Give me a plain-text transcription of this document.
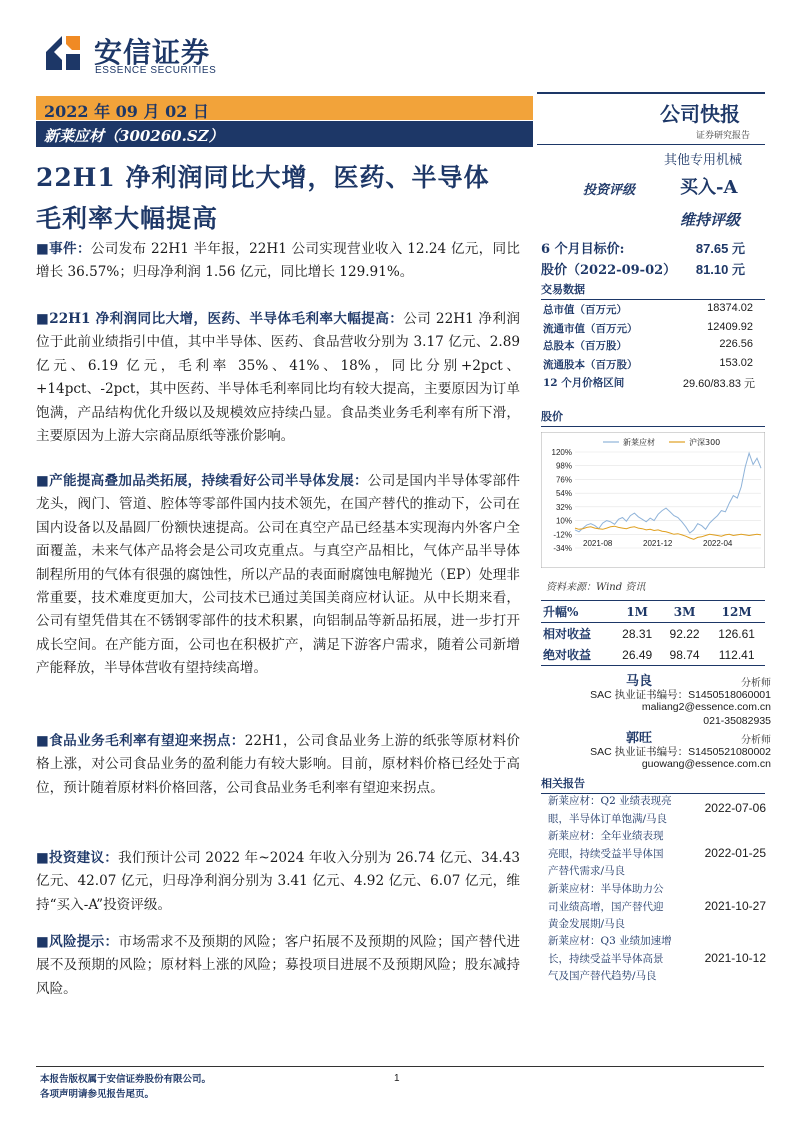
安信证券
ESSENCE SECURITIES
2022 年 09 月 02 日
新莱应材（300260.SZ）
公司快报
证券研究报告
其他专用机械
22H1 净利润同比大增，医药、半导体
毛利率大幅提高

■事件：公司发布 22H1 半年报，22H1 公司实现营业收入 12.24 亿元，同比增长 36.57%；归母净利润 1.56 亿元，同比增长 129.91%。

■22H1 净利润同比大增，医药、半导体毛利率大幅提高：公司 22H1 净利润位于此前业绩指引中值，其中半导体、医药、食品营收分别为 3.17 亿元、2.89 亿元、6.19 亿元，毛利率 35%、41%、18%，同比分别+2pct、+14pct、-2pct，其中医药、半导体毛利率同比均有较大提高，主要原因为订单饱满，产品结构优化升级以及规模效应持续凸显。食品类业务毛利率有所下滑，主要原因为上游大宗商品原纸等涨价影响。

■产能提高叠加品类拓展，持续看好公司半导体发展：公司是国内半导体零部件龙头，阀门、管道、腔体等零部件国内技术领先，在国产替代的推动下，公司在国内设备以及晶圆厂份额快速提高。公司在真空产品已经基本实现海内外客户全面覆盖，未来气体产品将会是公司攻克重点。与真空产品相比，气体产品半导体制程所用的气体有很强的腐蚀性，所以产品的表面耐腐蚀电解抛光（EP）处理非常重要，技术难度更加大，公司技术已通过美国美商应材认证。从中长期来看，公司有望凭借其在不锈钢零部件的技术积累，向铝制品等新品拓展，进一步打开成长空间。在产能方面，公司也在积极扩产，满足下游客户需求，随着公司新增产能释放，半导体营收有望持续高增。

■食品业务毛利率有望迎来拐点：22H1，公司食品业务上游的纸张等原材料价格上涨，对公司食品业务的盈利能力有较大影响。目前，原材料价格已经处于高位，预计随着原材料价格回落，公司食品业务毛利率有望迎来拐点。

■投资建议：我们预计公司 2022 年~2024 年收入分别为 26.74 亿元、34.43 亿元、42.07 亿元，归母净利润分别为 3.41 亿元、4.92 亿元、6.07 亿元，维持“买入-A”投资评级。

■风险提示：市场需求不及预期的风险；客户拓展不及预期的风险；国产替代进展不及预期的风险；原材料上涨的风险；募投项目进展不及预期风险；股东减持风险。

投资评级 买入-A
维持评级
6 个月目标价:	87.65 元
股价（2022-09-02） 81.10 元
交易数据
总市值（百万元）	18374.02
流通市值（百万元）	12409.92
总股本（百万股）	226.56
流通股本（百万股）	153.02
12 个月价格区间	29.60/83.83 元
股价
120%
98%
76%
54%
32%
10%
-12%
-34%
2021-08	2021-12	2022-04
新莱应材	沪深300
资料来源：Wind 资讯
升幅%	1M	3M	12M
相对收益	28.31	92.22	126.61
绝对收益	26.49	98.74	112.41
马良	分析师
SAC 执业证书编号：S1450518060001
maliang2@essence.com.cn
021-35082935
郭旺	分析师
SAC 执业证书编号：S1450521080002
guowang@essence.com.cn
相关报告
新莱应材：Q2 业绩表现亮
眼，半导体订单饱满/马良
2022-07-06
新莱应材：全年业绩表现
亮眼，持续受益半导体国
产替代需求/马良
2022-01-25
新莱应材：半导体助力公
司业绩高增，国产替代迎
黄金发展期/马良
2021-10-27
新莱应材：Q3 业绩加速增
长，持续受益半导体高景
气及国产替代趋势/马良
2021-10-12
本报告版权属于安信证券股份有限公司。
各项声明请参见报告尾页。
1
